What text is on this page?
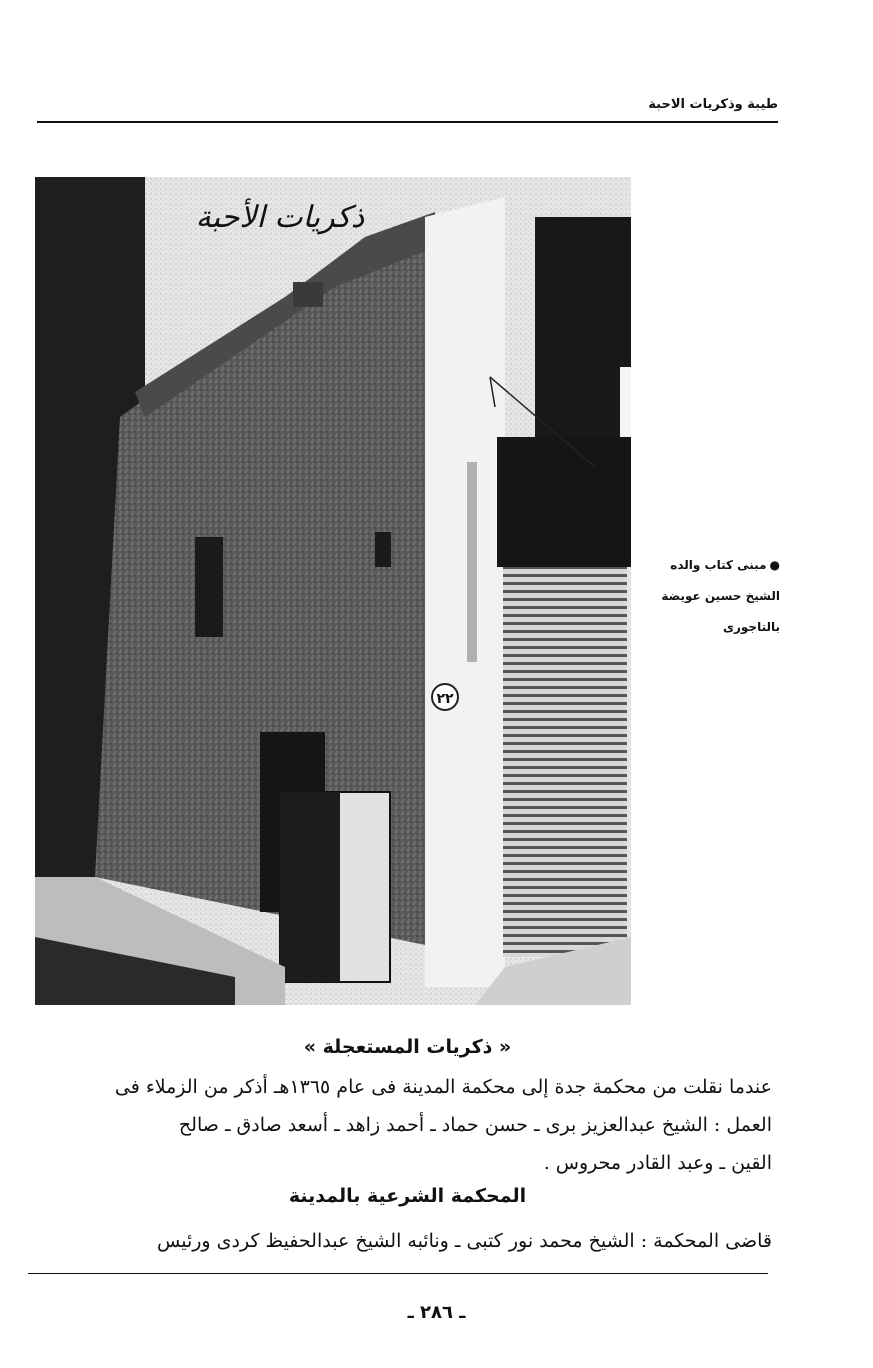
طيبة وذكريات الاحبة
٢٢
ذكريات الأحبة
●مبنى كتاب والده
الشيخ حسين عويضة
بالتاجورى
« ذكريات المستعجلة »
عندما نقلت من محكمة جدة إلى محكمة المدينة فى عام ١٣٦٥هـ أذكر من الزملاء فى
العمل : الشيخ عبدالعزيز برى ـ حسن حماد ـ أحمد زاهد ـ أسعد صادق ـ صالح
القين ـ وعبد القادر محروس .
المحكمة الشرعية بالمدينة
قاضى المحكمة : الشيخ محمد نور كتبى ـ ونائبه الشيخ عبدالحفيظ كردى ورئيس
ـ ٢٨٦ ـ
